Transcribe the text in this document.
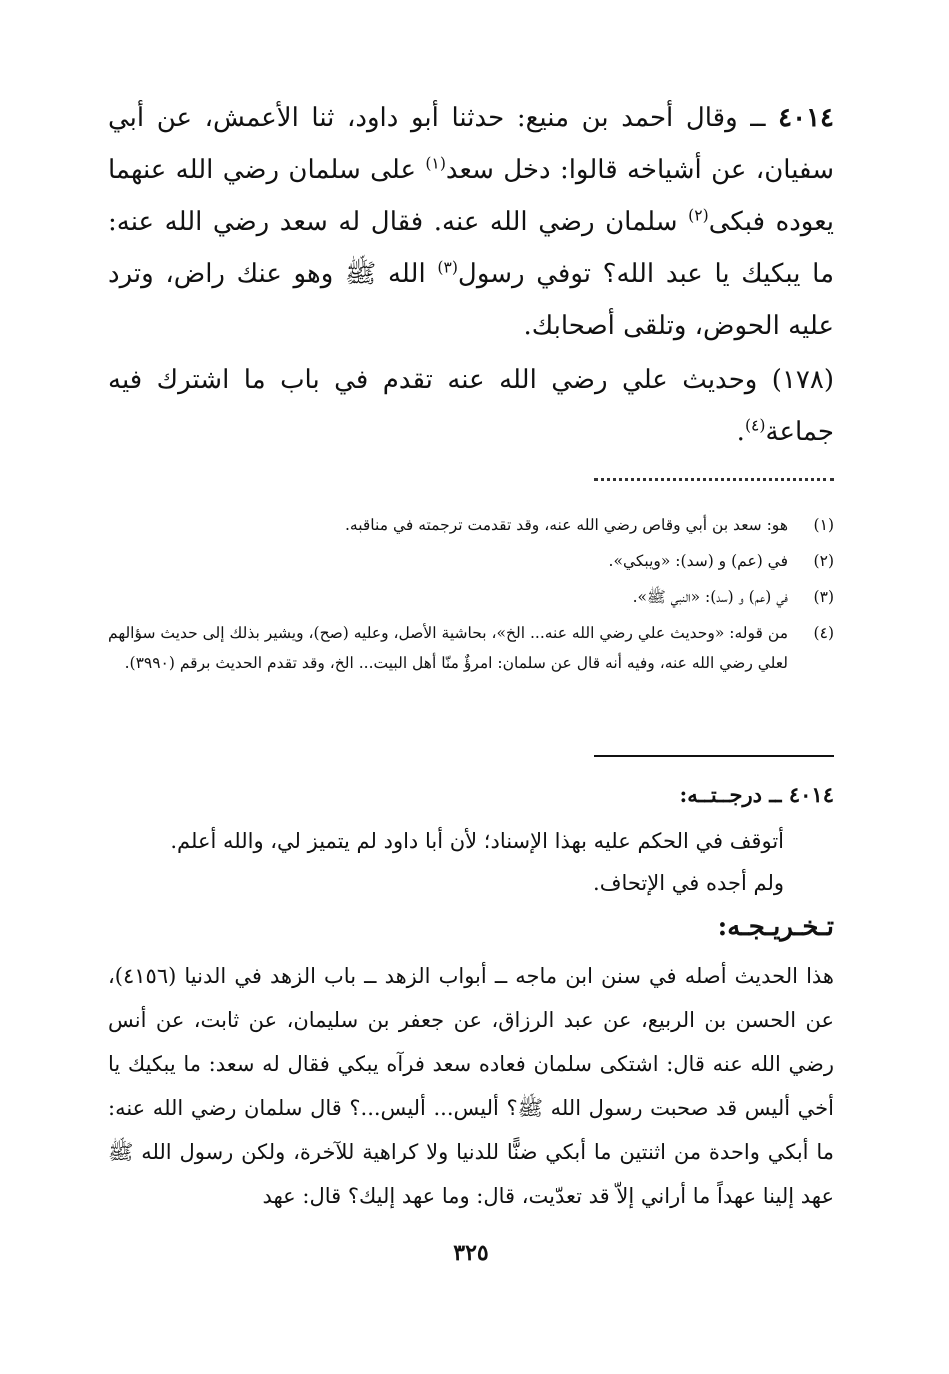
٤٠١٤ ــ وقال أحمد بن منيع: حدثنا أبو داود، ثنا الأعمش، عن أبي سفيان، عن أشياخه قالوا: دخل سعد$^{(١)}$ على سلمان رضي الله عنهما يعوده فبكى$^{(٢)}$ سلمان رضي الله عنه. فقال له سعد رضي الله عنه: ما يبكيك يا عبد الله؟ توفي رسول$^{(٣)}$ الله ﷺ وهو عنك راض، وترد عليه الحوض، وتلقى أصحابك.

(١٧٨) وحديث علي رضي الله عنه تقدم في باب ما اشترك فيه جماعة$^{(٤)}$.

(١)
هو: سعد بن أبي وقاص رضي الله عنه، وقد تقدمت ترجمته في مناقبه.
(٢)
في (عم) و (سد): «ويبكي».
(٣)
في (عم) و (سد): «النبي ﷺ».
(٤)
من قوله: «وحديث علي رضي الله عنه... الخ»، بحاشية الأصل، وعليه (صح)، ويشير بذلك إلى حديث سؤالهم لعلي رضي الله عنه، وفيه أنه قال عن سلمان: امرؤٌ منّا أهل البيت... الخ، وقد تقدم الحديث برقم (٣٩٩٠).
٤٠١٤ ــ درجــتــه:
أتوقف في الحكم عليه بهذا الإسناد؛ لأن أبا داود لم يتميز لي، والله أعلم.
ولم أجده في الإتحاف.
تـخـريـجـه:

هذا الحديث أصله في سنن ابن ماجه ــ أبواب الزهد ــ باب الزهد في الدنيا (٤١٥٦)، عن الحسن بن الربيع، عن عبد الرزاق، عن جعفر بن سليمان، عن ثابت، عن أنس رضي الله عنه قال: اشتكى سلمان فعاده سعد فرآه يبكي فقال له سعد: ما يبكيك يا أخي أليس قد صحبت رسول الله ﷺ؟ أليس... أليس...؟ قال سلمان رضي الله عنه: ما أبكي واحدة من اثنتين ما أبكي ضنًّا للدنيا ولا كراهية للآخرة، ولكن رسول الله ﷺ عهد إلينا عهداً ما أراني إلاّ قد تعدّيت، قال: وما عهد إليك؟ قال: عهد

٣٢٥
